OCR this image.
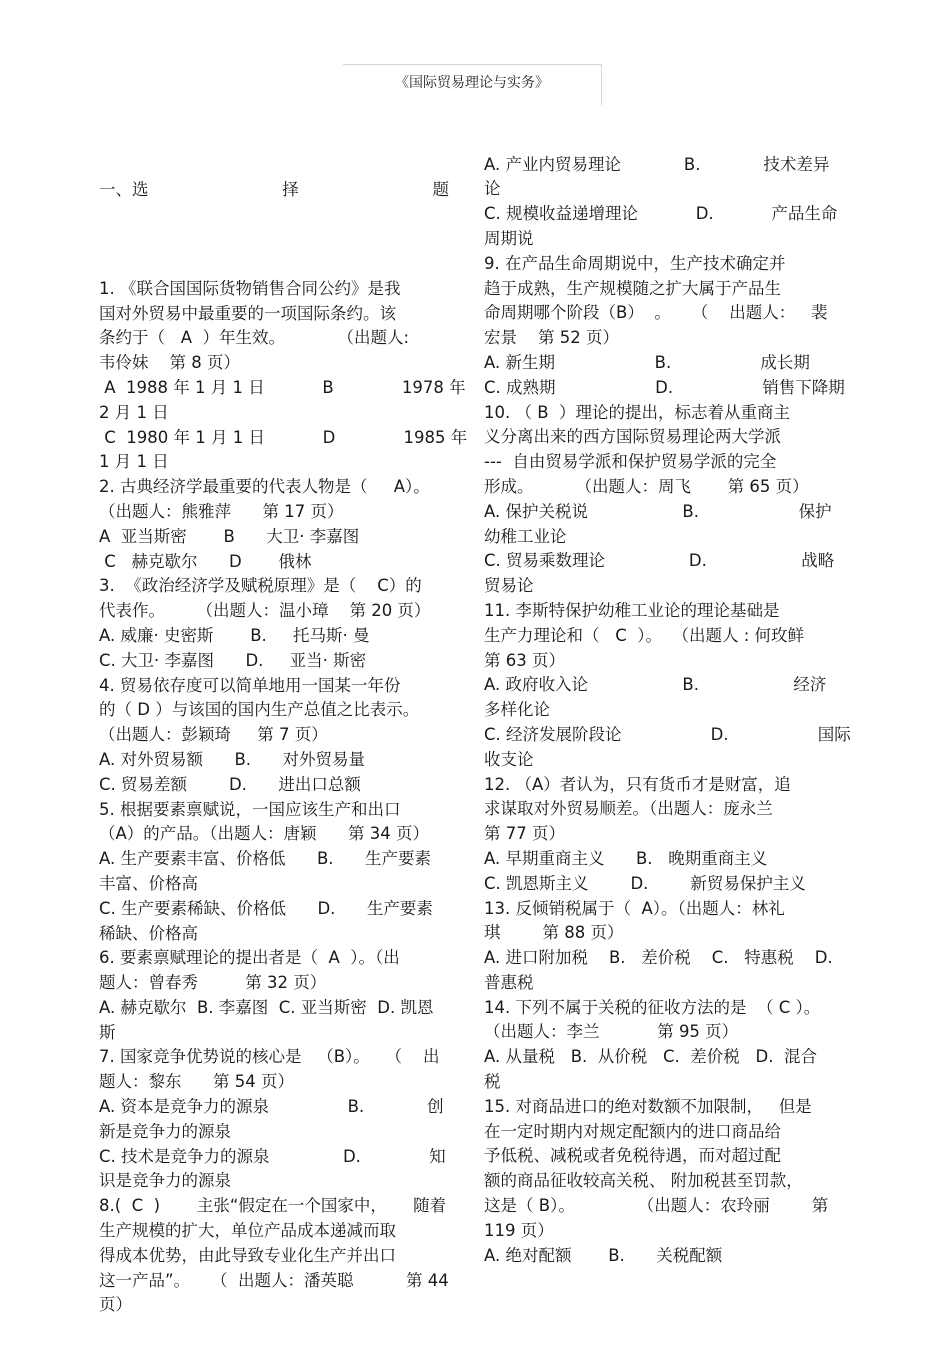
《国际贸易理论与实务》

一、选	择	题

1. 《联合国国际货物销售合同公约》是我
国对外贸易中最重要的一项国际条约。该
条约于（   A  ）年生效。          （出题人:
韦伶妹    第 8 页）
A  1988 年 1 月 1 日           B             1978 年
2 月 1 日
C  1980 年 1 月 1 日           D             1985 年
1 月 1 日
2. 古典经济学最重要的代表人物是（     A）。
（出题人：熊雅萍      第 17 页）
A  亚当斯密       B      大卫· 李嘉图
C   赫克歇尔      D       俄林
3.  《政治经济学及赋税原理》是（    C）的
代表作。      （出题人：温小璋    第 20 页）
A. 威廉· 史密斯       B.     托马斯· 曼
C. 大卫· 李嘉图      D.     亚当· 斯密
4. 贸易依存度可以简单地用一国某一年份
的（ D ）与该国的国内生产总值之比表示。
（出题人：彭颖琦     第 7 页）
A. 对外贸易额      B.      对外贸易量
C. 贸易差额        D.      进出口总额
5. 根据要素禀赋说，一国应该生产和出口
（A）的产品。（出题人：唐颖      第 34 页）
A. 生产要素丰富、价格低      B.      生产要素
丰富、价格高
C. 生产要素稀缺、价格低      D.      生产要素
稀缺、价格高
6. 要素禀赋理论的提出者是（  A  ）。（出
题人：曾春秀         第 32 页）
A. 赫克歇尔  B. 李嘉图  C. 亚当斯密  D. 凯恩
斯
7. 国家竞争优势说的核心是   （B）。   （    出
题人：黎东      第 54 页）
A. 资本是竞争力的源泉               B.            创
新是竞争力的源泉
C. 技术是竞争力的源泉              D.             知
识是竞争力的源泉
8.(  C  )       主张“假定在一个国家中，     随着
生产规模的扩大，单位产品成本递减而取
得成本优势，由此导致专业化生产并出口
这一产品”。    （  出题人：潘英聪          第 44
页）

A. 产业内贸易理论            B.            技术差异
论
C. 规模收益递增理论           D.           产品生命
周期说
9. 在产品生命周期说中，生产技术确定并
趋于成熟，生产规模随之扩大属于产品生
命周期哪个阶段（B）  。    （    出题人：   裴
宏景    第 52 页）
A. 新生期                   B.                 成长期
C. 成熟期                   D.                 销售下降期
10. （ B  ）理论的提出，标志着从重商主
义分离出来的西方国际贸易理论两大学派
---  自由贸易学派和保护贸易学派的完全
形成。        （出题人：周飞       第 65 页）
A. 保护关税说                  B.                   保护
幼稚工业论
C. 贸易乘数理论                D.                  战略
贸易论
11. 李斯特保护幼稚工业论的理论基础是
生产力理论和（   C  ）。  （出题人 : 何玫鲜
第 63 页）
A. 政府收入论                  B.                  经济
多样化论
C. 经济发展阶段论                 D.                 国际
收支论
12. （A）者认为，只有货币才是财富，追
求谋取对外贸易顺差。（出题人：庞永兰
第 77 页）
A. 早期重商主义      B.   晚期重商主义
C. 凯恩斯主义        D.        新贸易保护主义
13. 反倾销税属于（  A）。（出题人：林礼
琪        第 88 页）
A. 进口附加税    B.   差价税    C.   特惠税    D.
普惠税
14. 下列不属于关税的征收方法的是  （ C ）。
（出题人：李兰           第 95 页）
A. 从量税   B.  从价税   C.  差价税   D.  混合
税
15. 对商品进口的绝对数额不加限制，   但是
在一定时期内对规定配额内的进口商品给
予低税、减税或者免税待遇，而对超过配
额的商品征收较高关税、 附加税甚至罚款，
这是（ B）。            （出题人：农玲丽        第
119 页）
A. 绝对配额       B.      关税配额
